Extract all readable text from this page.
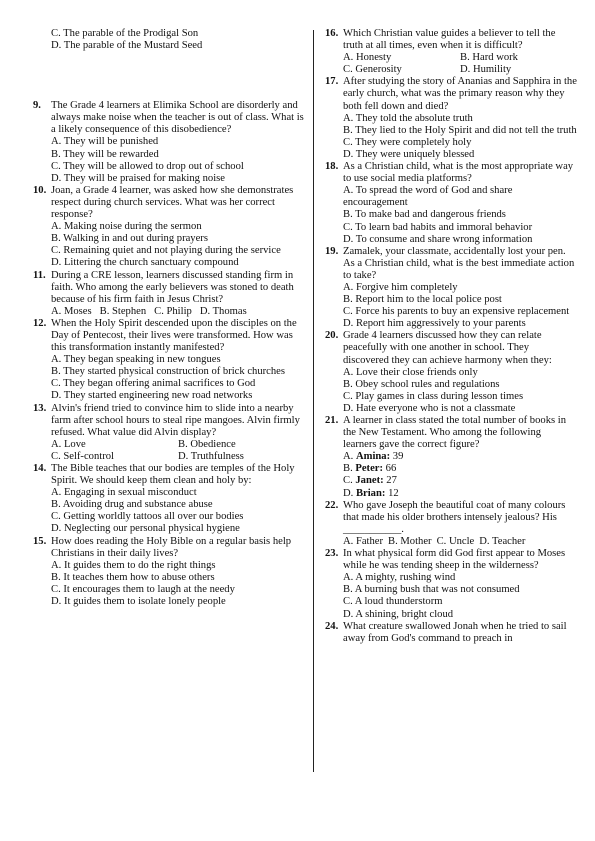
C. The parable of the Prodigal Son
D. The parable of the Mustard Seed
9. The Grade 4 learners at Elimika School are disorderly and always make noise when the teacher is out of class. What is a likely consequence of this disobedience?
A. They will be punished
B. They will be rewarded
C. They will be allowed to drop out of school
D. They will be praised for making noise
10. Joan, a Grade 4 learner, was asked how she demonstrates respect during church services. What was her correct response?
A. Making noise during the sermon
B. Walking in and out during prayers
C. Remaining quiet and not playing during the service
D. Littering the church sanctuary compound
11. During a CRE lesson, learners discussed standing firm in faith. Who among the early believers was stoned to death because of his firm faith in Jesus Christ?
A. Moses B. Stephen C. Philip D. Thomas
12. When the Holy Spirit descended upon the disciples on the Day of Pentecost, their lives were transformed. How was this transformation instantly manifested?
A. They began speaking in new tongues
B. They started physical construction of brick churches
C. They began offering animal sacrifices to God
D. They started engineering new road networks
13. Alvin's friend tried to convince him to slide into a nearby farm after school hours to steal ripe mangoes. Alvin firmly refused. What value did Alvin display?
A. Love	B. Obedience
C. Self-control	D. Truthfulness
14. The Bible teaches that our bodies are temples of the Holy Spirit. We should keep them clean and holy by:
A. Engaging in sexual misconduct
B. Avoiding drug and substance abuse
C. Getting worldly tattoos all over our bodies
D. Neglecting our personal physical hygiene
15. How does reading the Holy Bible on a regular basis help Christians in their daily lives?
A. It guides them to do the right things
B. It teaches them how to abuse others
C. It encourages them to laugh at the needy
D. It guides them to isolate lonely people
16. Which Christian value guides a believer to tell the truth at all times, even when it is difficult?
A. Honesty	B. Hard work
C. Generosity	D. Humility
17. After studying the story of Ananias and Sapphira in the early church, what was the primary reason why they both fell down and died?
A. They told the absolute truth
B. They lied to the Holy Spirit and did not tell the truth
C. They were completely holy
D. They were uniquely blessed
18. As a Christian child, what is the most appropriate way to use social media platforms?
A. To spread the word of God and share encouragement
B. To make bad and dangerous friends
C. To learn bad habits and immoral behavior
D. To consume and share wrong information
19. Zamalek, your classmate, accidentally lost your pen. As a Christian child, what is the best immediate action to take?
A. Forgive him completely
B. Report him to the local police post
C. Force his parents to buy an expensive replacement
D. Report him aggressively to your parents
20. Grade 4 learners discussed how they can relate peacefully with one another in school. They discovered they can achieve harmony when they:
A. Love their close friends only
B. Obey school rules and regulations
C. Play games in class during lesson times
D. Hate everyone who is not a classmate
21. A learner in class stated the total number of books in the New Testament. Who among the following learners gave the correct figure?
A. Amina: 39
B. Peter: 66
C. Janet: 27
D. Brian: 12
22. Who gave Joseph the beautiful coat of many colours that made his older brothers intensely jealous? His ___________.
A. Father B. Mother C. Uncle D. Teacher
23. In what physical form did God first appear to Moses while he was tending sheep in the wilderness?
A. A mighty, rushing wind
B. A burning bush that was not consumed
C. A loud thunderstorm
D. A shining, bright cloud
24. What creature swallowed Jonah when he tried to sail away from God's command to preach in
